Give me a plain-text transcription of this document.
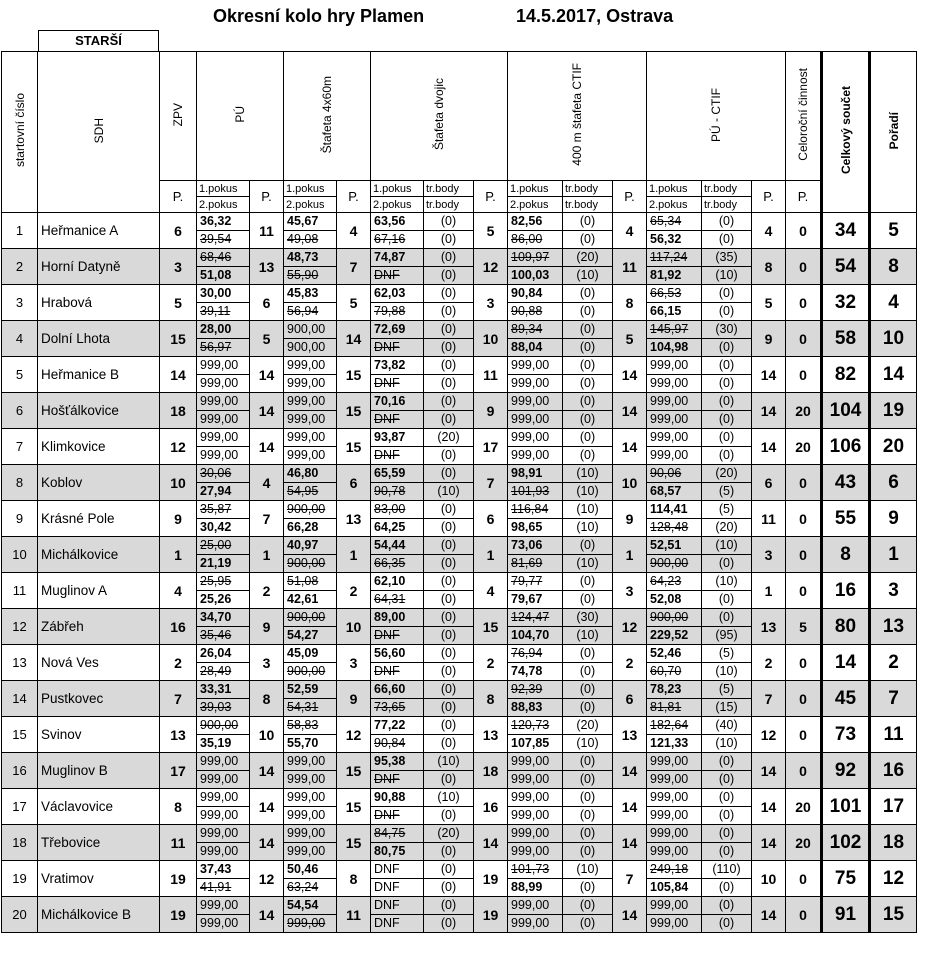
Okresní kolo hry Plamen	14.5.2017, Ostrava
STARŠÍ
startovní číslo	SDH	ZPV	PÚ		Štafeta 4x60m		Štafeta dvojic			400 m štafeta CTIF			PÚ - CTIF			Celoroční činnost	Celkový součet	Pořadí
		P.	1.pokus	P.	1.pokus	P.	1.pokus	tr.body	P.	1.pokus	tr.body	P.	1.pokus	tr.body	P.	P.		
			2.pokus		2.pokus		2.pokus	tr.body		2.pokus	tr.body		2.pokus	tr.body				
1	Heřmanice A	6	36,32	11	45,67	4	63,56	(0)	5	82,56	(0)	4	65,34	(0)	4	0	34	5
			39,54		49,08		67,16	(0)		86,00	(0)		56,32	(0)				
2	Horní Datyně	3	68,46	13	48,73	7	74,87	(0)	12	109,97	(20)	11	117,24	(35)	8	0	54	8
			51,08		55,90		DNF	(0)		100,03	(10)		81,92	(10)				
3	Hrabová	5	30,00	6	45,83	5	62,03	(0)	3	90,84	(0)	8	66,53	(0)	5	0	32	4
			39,11		56,94		79,88	(0)		90,88	(0)		66,15	(0)				
4	Dolní Lhota	15	28,00	5	900,00	14	72,69	(0)	10	89,34	(0)	5	145,97	(30)	9	0	58	10
			56,97		900,00		DNF	(0)		88,04	(0)		104,98	(0)				
5	Heřmanice B	14	999,00	14	999,00	15	73,82	(0)	11	999,00	(0)	14	999,00	(0)	14	0	82	14
			999,00		999,00		DNF	(0)		999,00	(0)		999,00	(0)				
6	Hošťálkovice	18	999,00	14	999,00	15	70,16	(0)	9	999,00	(0)	14	999,00	(0)	14	20	104	19
			999,00		999,00		DNF	(0)		999,00	(0)		999,00	(0)				
7	Klimkovice	12	999,00	14	999,00	15	93,87	(20)	17	999,00	(0)	14	999,00	(0)	14	20	106	20
			999,00		999,00		DNF	(0)		999,00	(0)		999,00	(0)				
8	Koblov	10	30,06	4	46,80	6	65,59	(0)	7	98,91	(10)	10	90,06	(20)	6	0	43	6
			27,94		54,95		90,78	(10)		101,93	(10)		68,57	(5)				
9	Krásné Pole	9	35,87	7	900,00	13	83,00	(0)	6	116,84	(10)	9	114,41	(5)	11	0	55	9
			30,42		66,28		64,25	(0)		98,65	(10)		128,48	(20)				
10	Michálkovice	1	25,00	1	40,97	1	54,44	(0)	1	73,06	(0)	1	52,51	(10)	3	0	8	1
			21,19		900,00		66,35	(0)		81,69	(10)		900,00	(0)				
11	Muglinov A	4	25,95	2	51,08	2	62,10	(0)	4	79,77	(0)	3	64,23	(10)	1	0	16	3
			25,26		42,61		64,31	(0)		79,67	(0)		52,08	(0)				
12	Zábřeh	16	34,70	9	900,00	10	89,00	(0)	15	124,47	(30)	12	900,00	(0)	13	5	80	13
			35,46		54,27		DNF	(0)		104,70	(10)		229,52	(95)				
13	Nová Ves	2	26,04	3	45,09	3	56,60	(0)	2	76,94	(0)	2	52,46	(5)	2	0	14	2
			28,49		900,00		DNF	(0)		74,78	(0)		60,70	(10)				
14	Pustkovec	7	33,31	8	52,59	9	66,60	(0)	8	92,39	(0)	6	78,23	(5)	7	0	45	7
			39,03		54,31		73,65	(0)		88,83	(0)		81,81	(15)				
15	Svinov	13	900,00	10	58,83	12	77,22	(0)	13	120,73	(20)	13	182,64	(40)	12	0	73	11
			35,19		55,70		90,84	(0)		107,85	(10)		121,33	(10)				
16	Muglinov B	17	999,00	14	999,00	15	95,38	(10)	18	999,00	(0)	14	999,00	(0)	14	0	92	16
			999,00		999,00		DNF	(0)		999,00	(0)		999,00	(0)				
17	Václavovice	8	999,00	14	999,00	15	90,88	(10)	16	999,00	(0)	14	999,00	(0)	14	20	101	17
			999,00		999,00		DNF	(0)		999,00	(0)		999,00	(0)				
18	Třebovice	11	999,00	14	999,00	15	84,75	(20)	14	999,00	(0)	14	999,00	(0)	14	20	102	18
			999,00		999,00		80,75	(0)		999,00	(0)		999,00	(0)				
19	Vratimov	19	37,43	12	50,46	8	DNF	(0)	19	101,73	(10)	7	249,18	(110)	10	0	75	12
			41,91		63,24		DNF	(0)		88,99	(0)		105,84	(0)				
20	Michálkovice B	19	999,00	14	54,54	11	DNF	(0)	19	999,00	(0)	14	999,00	(0)	14	0	91	15
			999,00		999,00		DNF	(0)		999,00	(0)		999,00	(0)				
